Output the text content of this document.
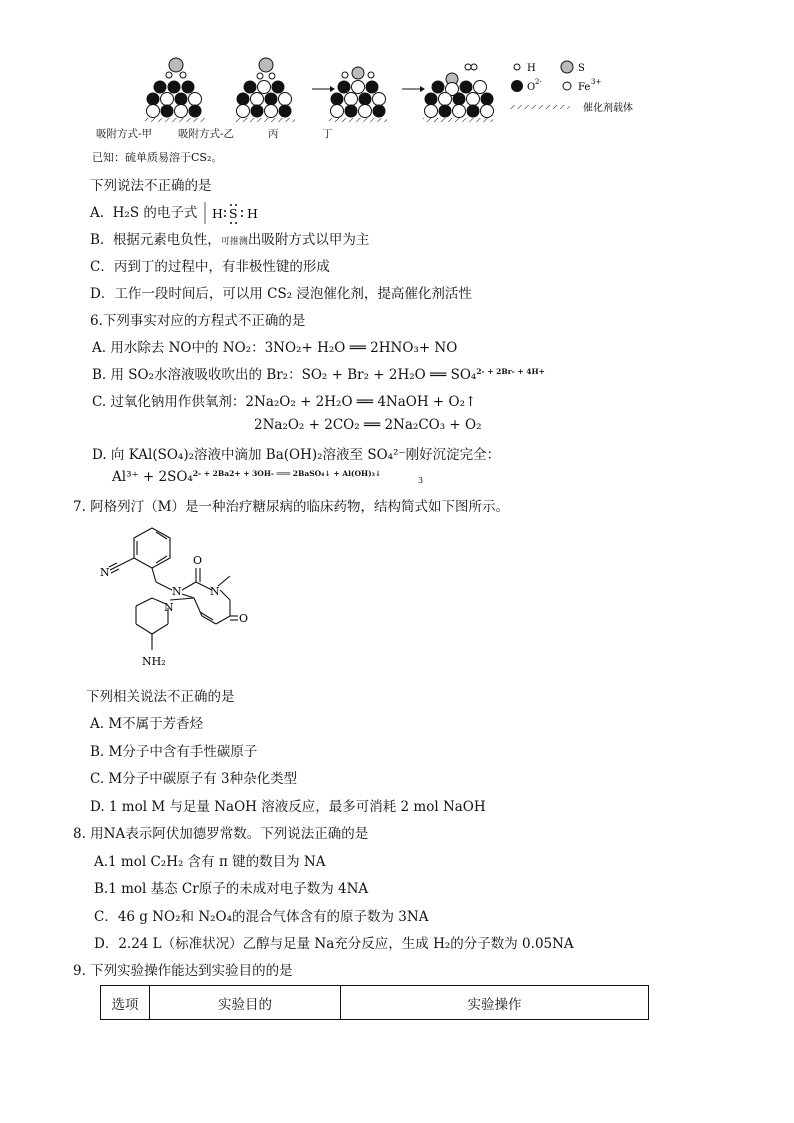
H	S
O 2-	Fe 3+
催化剂载体
吸附方式-甲 吸附方式-乙	丙	丁
已知：硫单质易溶于CS₂。
下列说法不正确的是
A. H₂S 的电子式 H S H
B. 根据元素电负性，可推测出吸附方式以甲为主
C．丙到丁的过程中，有非极性键的形成
D．工作一段时间后，可以用 CS₂ 浸泡催化剂，提高催化剂活性
6.下列事实对应的方程式不正确的是
A. 用水除去 NO中的 NO₂：3NO₂+ H₂O ══ 2HNO₃+ NO
B. 用 SO₂水溶液吸收吹出的 Br₂：SO₂ + Br₂ + 2H₂O ══ SO₄$^{2- + 2Br- + 4H+}$
C. 过氧化钠用作供氧剂：2Na₂O₂ + 2H₂O ══ 4NaOH + O₂↑
2Na₂O₂ + 2CO₂ ══ 2Na₂CO₃ + O₂
D. 向 KAl(SO₄)₂溶液中滴加 Ba(OH)₂溶液至 SO₄²⁻刚好沉淀完全：
Al³⁺ + 2SO₄$^{2- + 2Ba2+ + 3OH- ═══ 2BaSO_4↓ + Al(OH)_3↓}$
3
7. 阿格列汀（M）是一种治疗糖尿病的临床药物，结构简式如下图所示。
N
N	N
N
O
O
NH₂
下列相关说法不正确的是
A. M不属于芳香烃
B. M分子中含有手性碳原子
C. M分子中碳原子有 3种杂化类型
D. 1 mol M 与足量 NaOH 溶液反应，最多可消耗 2 mol NaOH
8. 用NA表示阿伏加德罗常数。下列说法正确的是
A.1 mol C₂H₂ 含有 π 键的数目为 NA
B.1 mol 基态 Cr原子的未成对电子数为 4NA
C．46 g NO₂和 N₂O₄的混合气体含有的原子数为 3NA
D．2.24 L（标准状况）乙醇与足量 Na充分反应，生成 H₂的分子数为 0.05NA
9. 下列实验操作能达到实验目的的是
选项	实验目的	实验操作
